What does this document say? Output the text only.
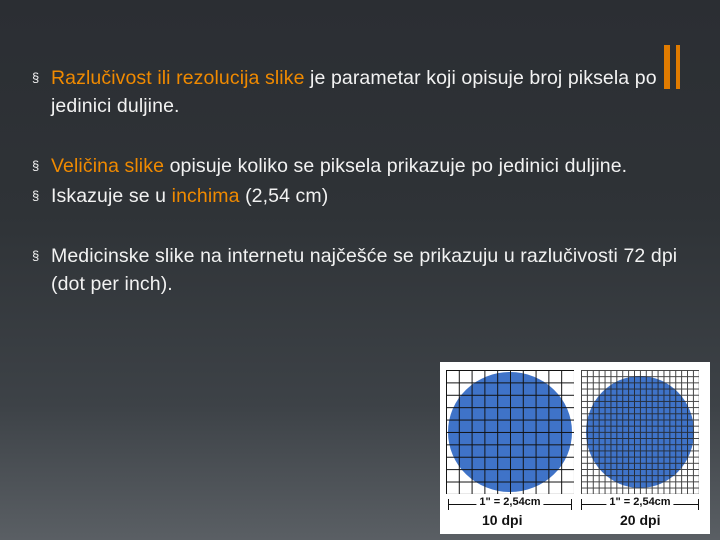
§ Razlučivost ili rezolucija slike je parametar koji opisuje broj piksela po jedinici duljine.

§ Veličina slike opisuje koliko se piksela prikazuje po jedinici duljine.

§ Iskazuje se u inchima (2,54 cm)

§ Medicinske slike na internetu najčešće se prikazuju u razlučivosti 72 dpi (dot per inch).

1" = 2,54cm	1" = 2,54cm
10 dpi	20 dpi
